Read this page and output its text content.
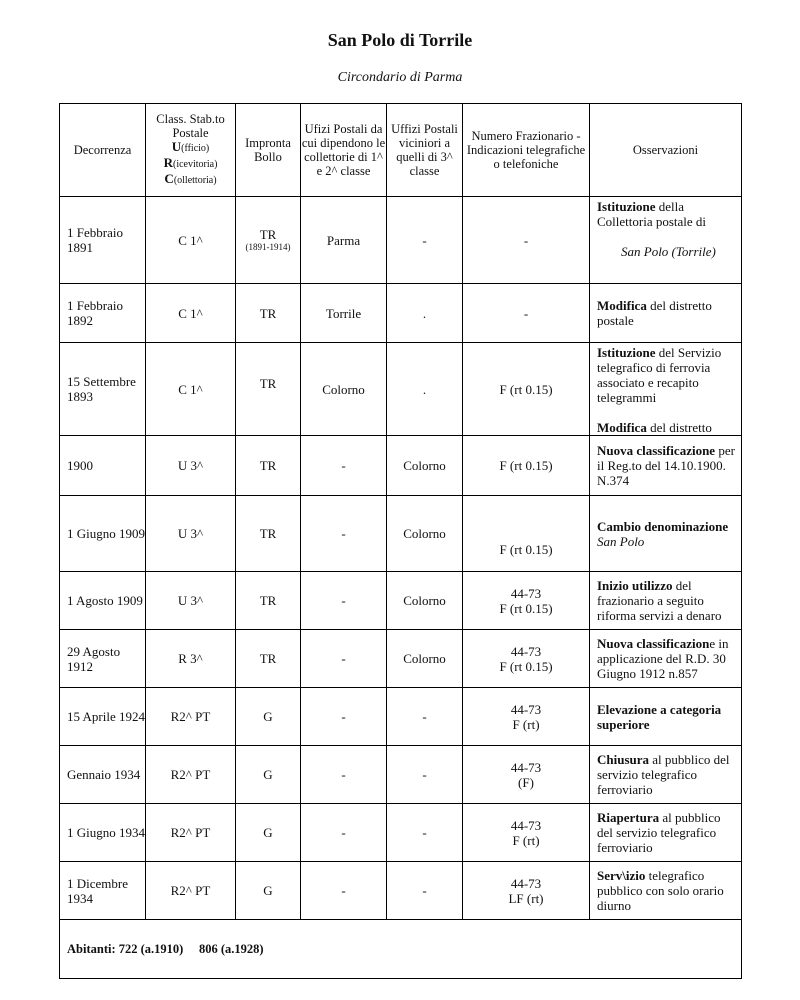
San Polo di Torrile
Circondario di Parma
Decorrenza	Class. Stab.to
Postale
U(fficio)
R(icevitoria)
C(ollettoria)	Impronta Bollo	Ufizi Postali da cui dipendono le collettorie di 1^ e 2^ classe	Uffizi Postali viciniori a quelli di 3^ classe	Numero Frazionario - Indicazioni telegrafiche o telefoniche	Osservazioni
1 Febbraio 1891	C 1^	TR
(1891-1914)	Parma	-	-	Istituzione della Collettoria postale di
San Polo (Torrile)

1 Febbraio 1892	C 1^	TR	Torrile	.	-	Modifica del distretto postale
15 Settembre 1893	C 1^	TR	Colorno	.	F (rt 0.15)	Istituzione del Servizio telegrafico di ferrovia associato e recapito telegrammi
Modifica del distretto
1900	U 3^	TR	-	Colorno	F (rt 0.15)	Nuova classificazione per il Reg.to del 14.10.1900. N.374
1 Giugno 1909	U 3^	TR	-	Colorno	F (rt 0.15)	Cambio denominazione
San Polo

1 Agosto 1909	U 3^	TR	-	Colorno	44-73
F (rt 0.15)	Inizio utilizzo del frazionario a seguito riforma servizi a denaro
29 Agosto 1912	R 3^	TR	-	Colorno	44-73
F (rt 0.15)	Nuova classificazione in applicazione del R.D. 30 Giugno 1912 n.857
15 Aprile 1924	R2^ PT	G	-	-	44-73
F (rt)	Elevazione a categoria superiore
Gennaio 1934	R2^ PT	G	-	-	44-73
(F)	Chiusura al pubblico del servizio telegrafico ferroviario
1 Giugno 1934	R2^ PT	G	-	-	44-73
F (rt)	Riapertura al pubblico del servizio telegrafico ferroviario
1 Dicembre 1934	R2^ PT	G	-	-	44-73
LF (rt)	Serv\izio telegrafico pubblico con solo orario diurno
Abitanti: 722 (a.1910) 806 (a.1928)						
